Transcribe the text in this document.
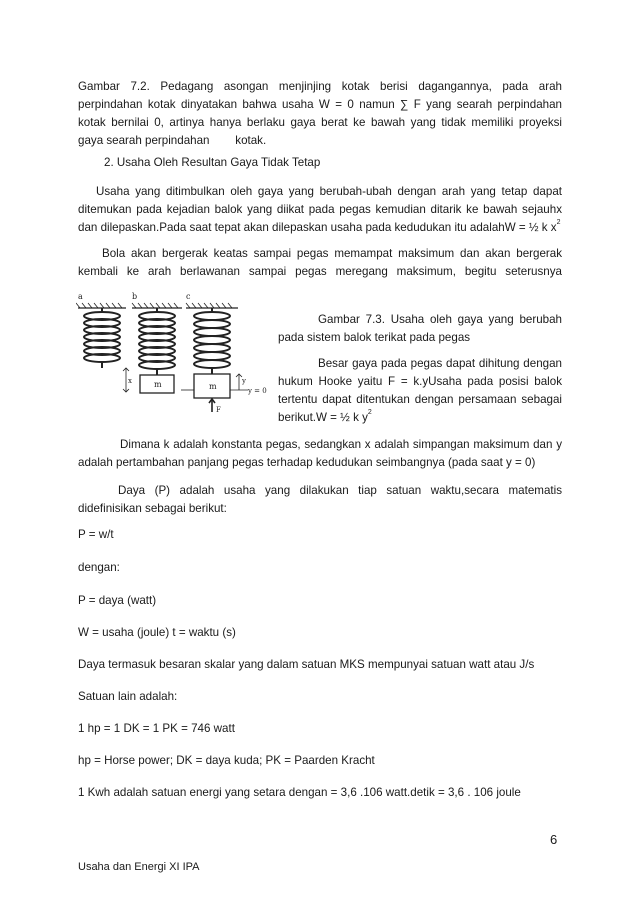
Gambar 7.2. Pedagang asongan menjinjing kotak berisi dagangannya, pada arah
perpindahan kotak dinyatakan bahwa usaha W = 0 namun ∑ F yang searah perpindahan
kotak bernilai 0, artinya hanya berlaku gaya berat ke bawah yang tidak memiliki proyeksi
gaya searah perpindahan        kotak.
2. Usaha Oleh Resultan Gaya Tidak Tetap
Usaha yang ditimbulkan oleh gaya yang berubah-ubah dengan arah yang tetap dapat
ditemukan pada kejadian balok yang diikat pada pegas kemudian ditarik ke bawah sejauhx
dan dilepaskan.Pada saat tepat akan dilepaskan usaha pada kedudukan itu adalahW = ½ k $x^2$
Bola akan bergerak keatas sampai pegas memampat maksimum dan akan bergerak
kembali ke arah berlawanan sampai pegas meregang maksimum, begitu seterusnya
a	b	c
m	m
x	y
y = 0
F
Gambar 7.3. Usaha oleh gaya yang berubah
pada sistem balok terikat pada pegas
Besar gaya pada pegas dapat dihitung dengan
hukum Hooke yaitu F = k.yUsaha pada posisi balok
tertentu dapat ditentukan dengan persamaan sebagai
berikut.W = ½ k $y^2$
Dimana k adalah konstanta pegas, sedangkan x adalah simpangan maksimum dan y
adalah pertambahan panjang pegas terhadap kedudukan seimbangnya (pada saat y = 0)
Daya (P) adalah usaha yang dilakukan tiap satuan waktu,secara matematis
didefinisikan sebagai berikut:
P = w/t
dengan:
P = daya (watt)
W = usaha (joule) t = waktu (s)
Daya termasuk besaran skalar yang dalam satuan MKS mempunyai satuan watt atau J/s
Satuan lain adalah:
1 hp = 1 DK = 1 PK = 746 watt
hp = Horse power; DK = daya kuda; PK = Paarden Kracht
1 Kwh adalah satuan energi yang setara dengan = 3,6 .106 watt.detik = 3,6 . 106 joule
6
Usaha dan Energi XI IPA
